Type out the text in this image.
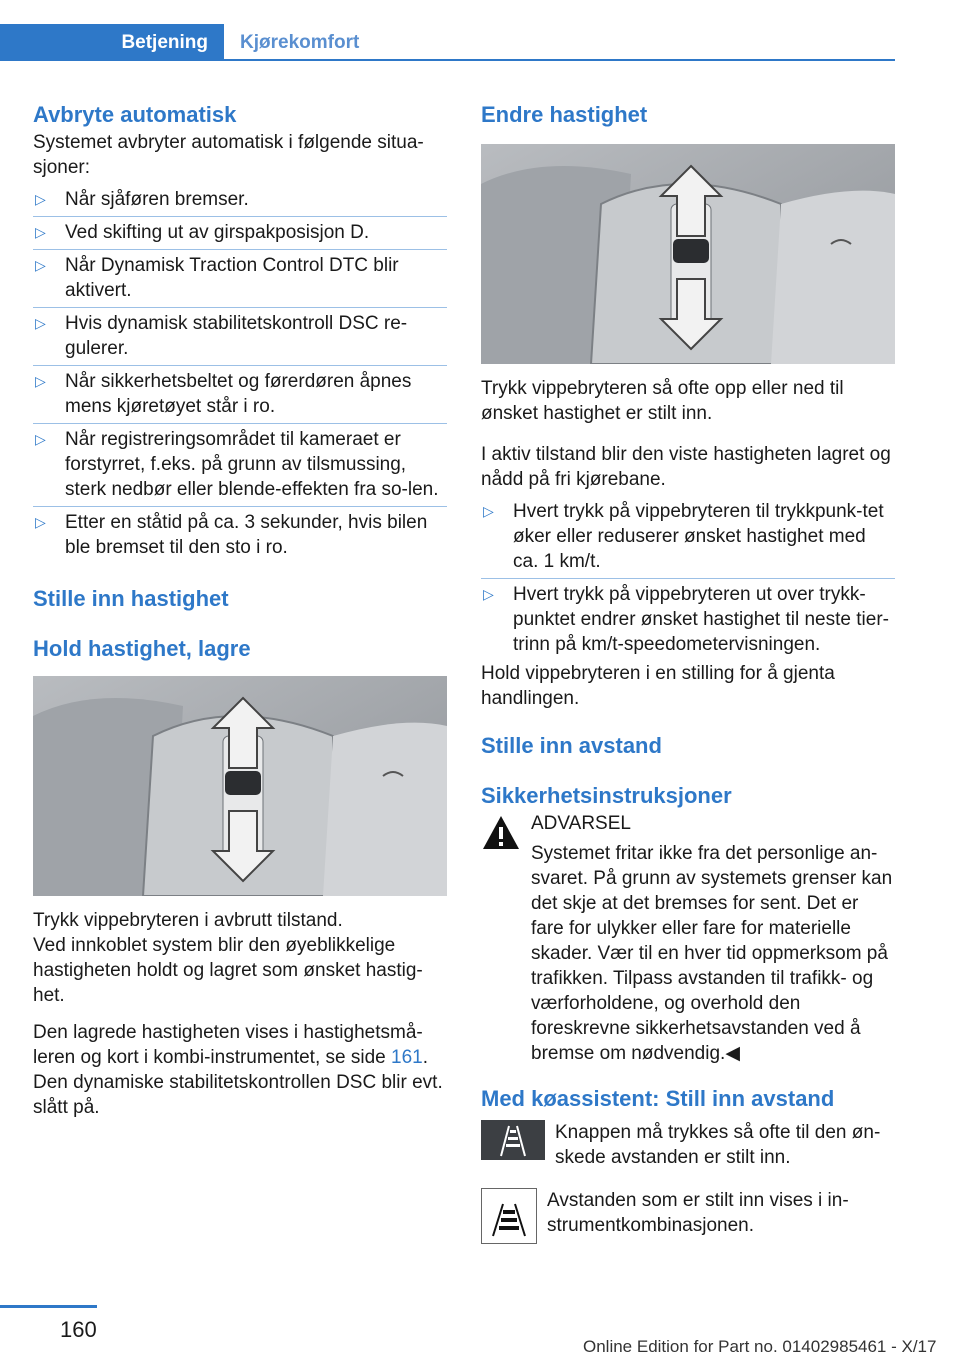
Betjening	Kjørekomfort
Avbryte automatisk

Systemet avbryter automatisk i følgende situa-sjoner:

▷ Når sjåføren bremser.
▷ Ved skifting ut av girspakposisjon D.
▷ Når Dynamisk Traction Control DTC blir aktivert.
▷ Hvis dynamisk stabilitetskontroll DSC re-gulerer.
▷ Når sikkerhetsbeltet og førerdøren åpnes mens kjøretøyet står i ro.
▷ Når registreringsområdet til kameraet er forstyrret, f.eks. på grunn av tilsmussing, sterk nedbør eller blende-effekten fra so-len.
▷ Etter en ståtid på ca. 3 sekunder, hvis bilen ble bremset til den sto i ro.
Stille inn hastighet
Hold hastighet, lagre

Trykk vippebryteren i avbrutt tilstand.

Ved innkoblet system blir den øyeblikkelige hastigheten holdt og lagret som ønsket hastig-het.

Den lagrede hastigheten vises i hastighetsmå-leren og kort i kombi-instrumentet, se side 161.

Den dynamiske stabilitetskontrollen DSC blir evt. slått på.

Endre hastighet

Trykk vippebryteren så ofte opp eller ned til ønsket hastighet er stilt inn.

I aktiv tilstand blir den viste hastigheten lagret og nådd på fri kjørebane.

▷ Hvert trykk på vippebryteren til trykkpunk-tet øker eller reduserer ønsket hastighet med ca. 1 km/t.
▷ Hvert trykk på vippebryteren ut over trykk-punktet endrer ønsket hastighet til neste tier-trinn på km/t-speedometervisningen.

Hold vippebryteren i en stilling for å gjenta handlingen.

Stille inn avstand
Sikkerhetsinstruksjoner

ADVARSEL

Systemet fritar ikke fra det personlige an-svaret. På grunn av systemets grenser kan det skje at det bremses for sent. Det er fare for ulykker eller fare for materielle skader. Vær til en hver tid oppmerksom på trafikken. Tilpass avstanden til trafikk- og værforholdene, og overhold den foreskrevne sikkerhetsavstanden ved å bremse om nødvendig.◀

Med køassistent: Still inn avstand

Knappen må trykkes så ofte til den øn-skede avstanden er stilt inn.

Avstanden som er stilt inn vises i in-strumentkombinasjonen.

160
Online Edition for Part no. 01402985461 - X/17
